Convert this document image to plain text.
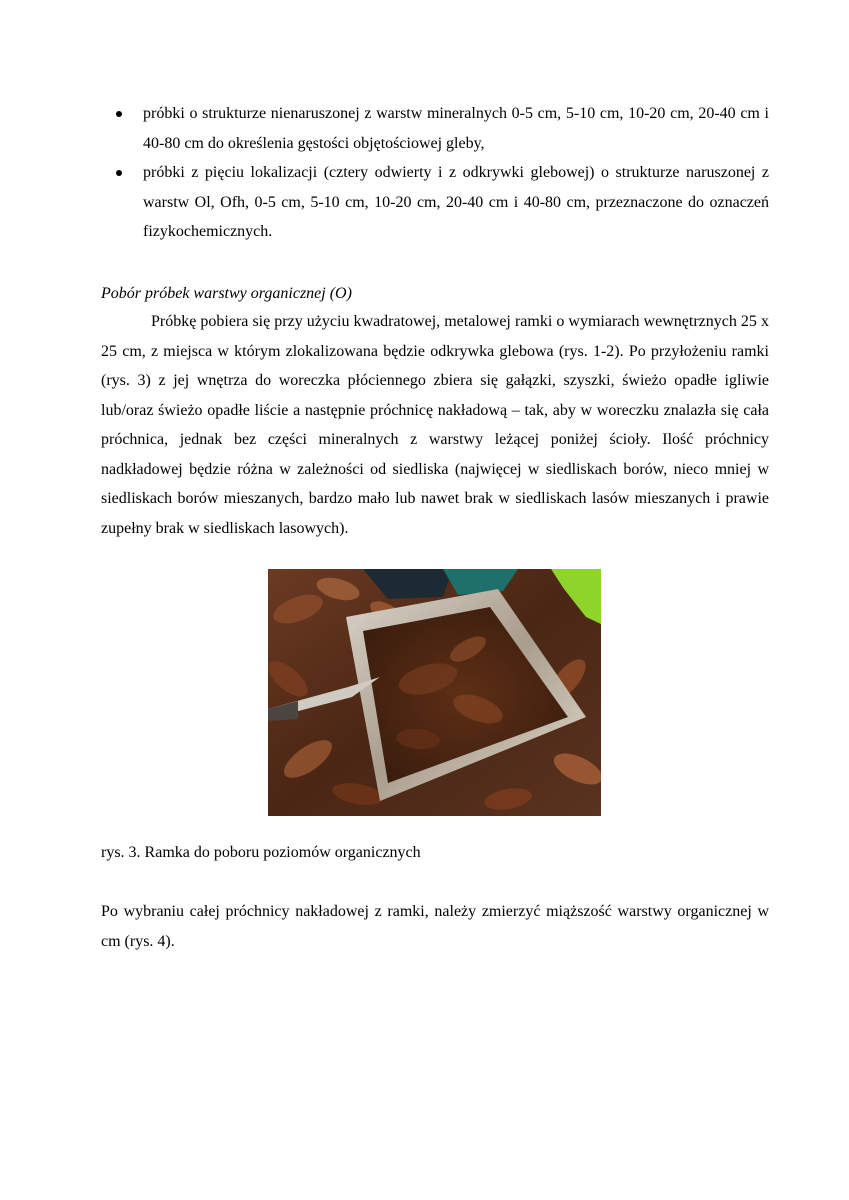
próbki o strukturze nienaruszonej z warstw mineralnych 0-5 cm, 5-10 cm, 10-20 cm, 20-40 cm i 40-80 cm do określenia gęstości objętościowej gleby,
próbki z pięciu lokalizacji (cztery odwierty i z odkrywki glebowej) o strukturze naruszonej z warstw Ol, Ofh, 0-5 cm, 5-10 cm, 10-20 cm, 20-40 cm i 40-80 cm, przeznaczone do oznaczeń fizykochemicznych.

Pobór próbek warstwy organicznej (O)

Próbkę pobiera się przy użyciu kwadratowej, metalowej ramki o wymiarach wewnętrznych 25 x 25 cm, z miejsca w którym zlokalizowana będzie odkrywka glebowa (rys. 1-2). Po przyłożeniu ramki (rys. 3) z jej wnętrza do woreczka płóciennego zbiera się gałązki, szyszki, świeżo opadłe igliwie lub/oraz świeżo opadłe liście a następnie próchnicę nakładową – tak, aby w woreczku znalazła się cała próchnica, jednak bez części mineralnych z warstwy leżącej poniżej ścioły. Ilość próchnicy nadkładowej będzie różna w zależności od siedliska (najwięcej w siedliskach borów, nieco mniej w siedliskach borów mieszanych, bardzo mało lub nawet brak w siedliskach lasów mieszanych i prawie zupełny brak w siedliskach lasowych).

rys. 3. Ramka do poboru poziomów organicznych

Po wybraniu całej próchnicy nakładowej z ramki, należy zmierzyć miąższość warstwy organicznej w cm (rys. 4).
